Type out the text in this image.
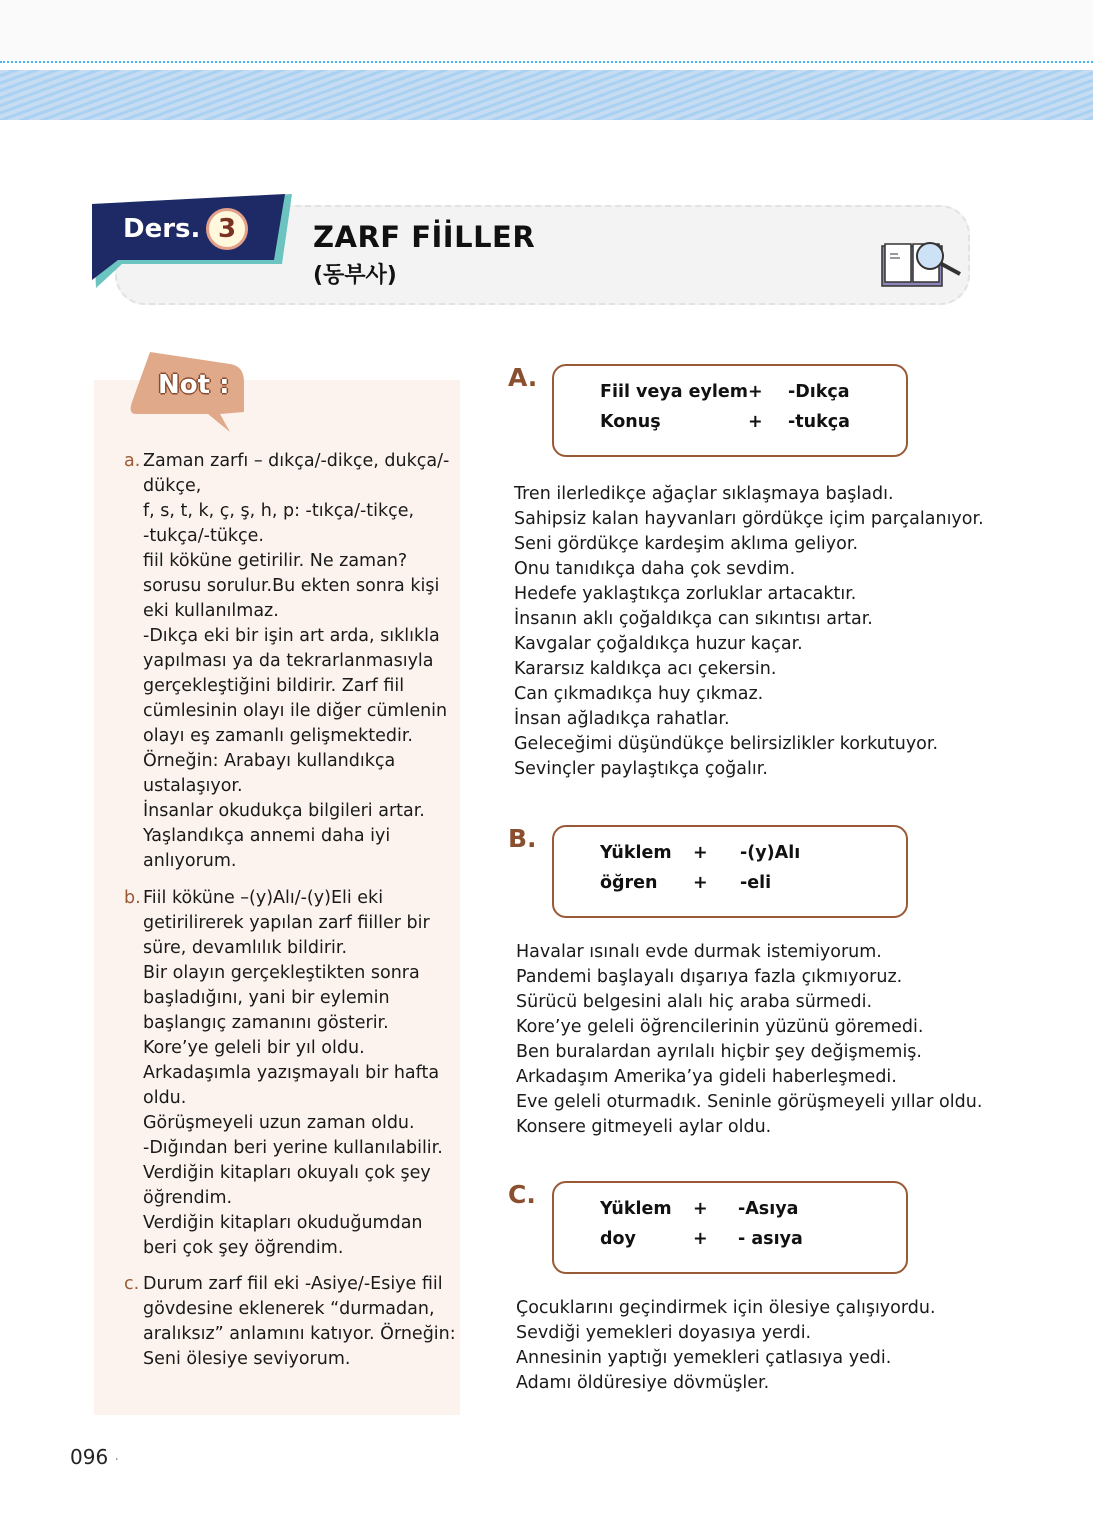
Ders. 3	ZARF FİİLLER
(동부사)
Not :
a. Zaman zarfı – dıkça/-dikçe, dukça/-
dükçe,
f, s, t, k, ç, ş, h, p: -tıkça/-tikçe,
-tukça/-tükçe.
fiil köküne getirilir. Ne zaman?
sorusu sorulur.Bu ekten sonra kişi
eki kullanılmaz.
-Dıkça eki bir işin art arda, sıklıkla
yapılması ya da tekrarlanmasıyla
gerçekleştiğini bildirir. Zarf fiil
cümlesinin olayı ile diğer cümlenin
olayı eş zamanlı gelişmektedir.
Örneğin: Arabayı kullandıkça
ustalaşıyor.
İnsanlar okudukça bilgileri artar.
Yaşlandıkça annemi daha iyi
anlıyorum.
b. Fiil köküne –(y)Alı/-(y)Eli eki
getirilirerek yapılan zarf fiiller bir
süre, devamlılık bildirir.
Bir olayın gerçekleştikten sonra
başladığını, yani bir eylemin
başlangıç zamanını gösterir.
Kore’ye geleli bir yıl oldu.
Arkadaşımla yazışmayalı bir hafta
oldu.
Görüşmeyeli uzun zaman oldu.
-Dığından beri yerine kullanılabilir.
Verdiğin kitapları okuyalı çok şey
öğrendim.
Verdiğin kitapları okuduğumdan
beri çok şey öğrendim.
c. Durum zarf fiil eki -Asiye/-Esiye fiil
gövdesine eklenerek “durmadan,
aralıksız” anlamını katıyor. Örneğin:
Seni ölesiye seviyorum.
A.	Fiil veya eylem + -Dıkça
Konuş	+ -tukça
Tren ilerledikçe ağaçlar sıklaşmaya başladı.
Sahipsiz kalan hayvanları gördükçe içim parçalanıyor.
Seni gördükçe kardeşim aklıma geliyor.
Onu tanıdıkça daha çok sevdim.
Hedefe yaklaştıkça zorluklar artacaktır.
İnsanın aklı çoğaldıkça can sıkıntısı artar.
Kavgalar çoğaldıkça huzur kaçar.
Kararsız kaldıkça acı çekersin.
Can çıkmadıkça huy çıkmaz.
İnsan ağladıkça rahatlar.
Geleceğimi düşündükçe belirsizlikler korkutuyor.
Sevinçler paylaştıkça çoğalır.
B.	Yüklem + -(y)Alı
öğren + -eli
Havalar ısınalı evde durmak istemiyorum.
Pandemi başlayalı dışarıya fazla çıkmıyoruz.
Sürücü belgesini alalı hiç araba sürmedi.
Kore’ye geleli öğrencilerinin yüzünü göremedi.
Ben buralardan ayrılalı hiçbir şey değişmemiş.
Arkadaşım Amerika’ya gideli haberleşmedi.
Eve geleli oturmadık. Seninle görüşmeyeli yıllar oldu.
Konsere gitmeyeli aylar oldu.
C.	Yüklem + -Asıya
doy	+ - asıya
Çocuklarını geçindirmek için ölesiye çalışıyordu.
Sevdiği yemekleri doyasıya yerdi.
Annesinin yaptığı yemekleri çatlasıya yedi.
Adamı öldüresiye dövmüşler.
096 ·
